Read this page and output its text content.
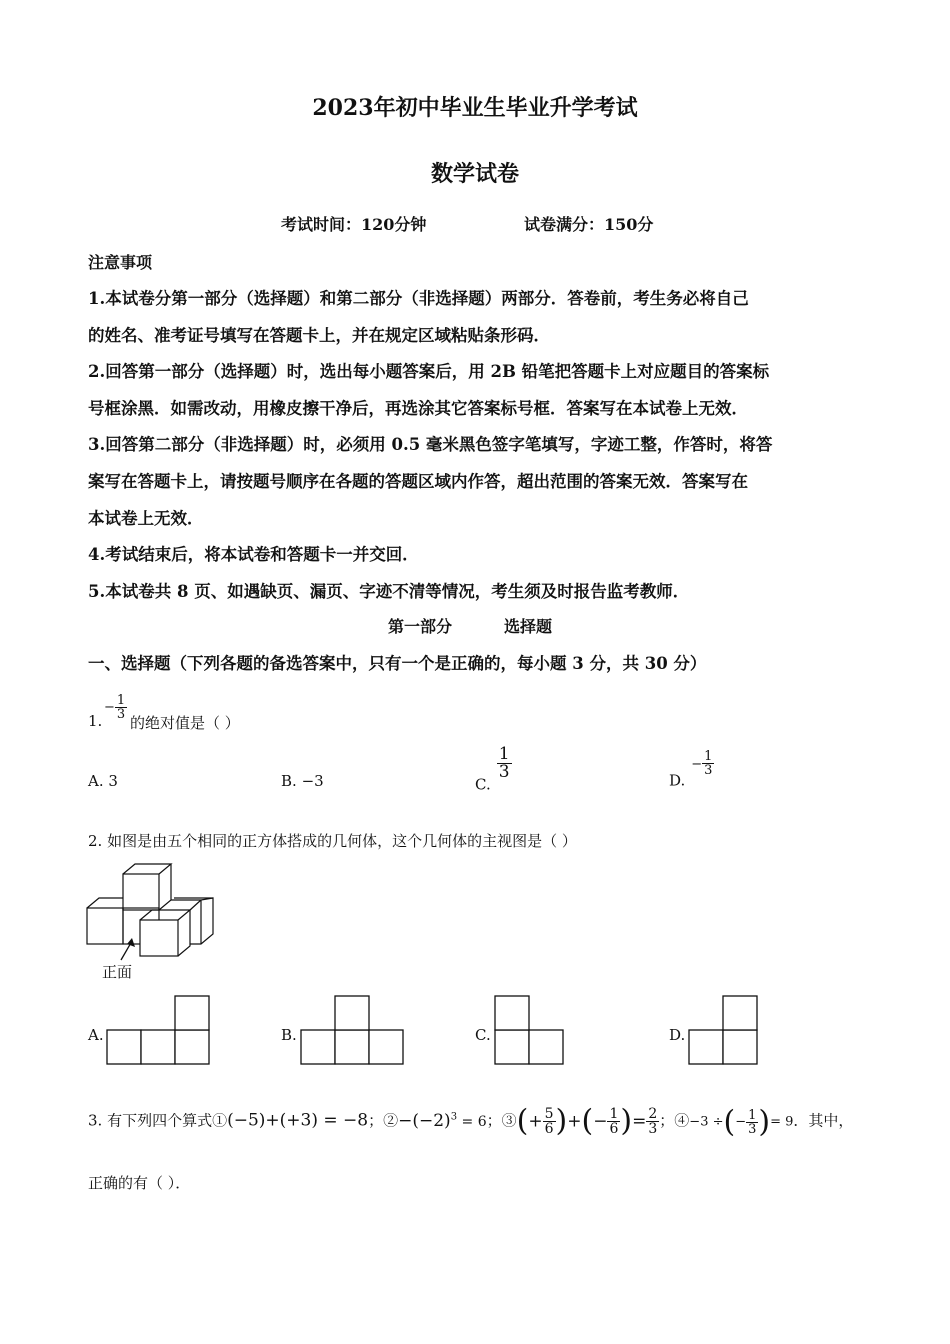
2023年初中毕业生毕业升学考试
数学试卷
考试时间：120分钟	试卷满分：150分
注意事项
1.本试卷分第一部分（选择题）和第二部分（非选择题）两部分．答卷前，考生务必将自己
的姓名、准考证号填写在答题卡上，并在规定区域粘贴条形码．
2.回答第一部分（选择题）时，选出每小题答案后，用 2B 铅笔把答题卡上对应题目的答案标
号框涂黑．如需改动，用橡皮擦干净后，再选涂其它答案标号框．答案写在本试卷上无效．
3.回答第二部分（非选择题）时，必须用 0.5 毫米黑色签字笔填写，字迹工整，作答时，将答
案写在答题卡上，请按题号顺序在各题的答题区域内作答，超出范围的答案无效．答案写在
本试卷上无效．
4.考试结束后，将本试卷和答题卡一并交回．
5.本试卷共 8 页、如遇缺页、漏页、字迹不清等情况，考生须及时报告监考教师．
第一部分	选择题
一、选择题（下列各题的备选答案中，只有一个是正确的，每小题 3 分，共 30 分）
1.
− $\frac{1}{3}$
的绝对值是（ ）
A. 3	B. −3	C.
$\frac{1}{3}$	$D.- \frac{1}{3}$
2. 如图是由五个相同的正方体搭成的几何体，这个几何体的主视图是（ ）
正面
A.	B.	C.	D.
3. 有下列四个算式①(−5)+(+3) = −8；$②-(-2)^3 = 6$；③(+ $\frac{5}{6}$ )+(− $\frac{1}{6}$ )= $\frac{2}{3}$ ；④−3 ÷(− $\frac{1}{3}$ )= 9．其中，
正确的有（ ）．
